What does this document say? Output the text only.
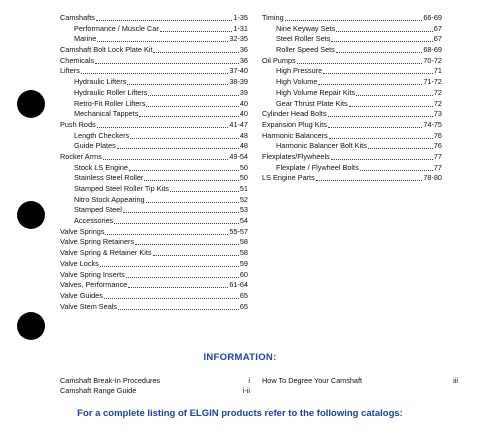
Camshafts	1-35
Performance / Muscle Car	1-31
Marine	32-35
Camshaft Bolt Lock Plate Kit	36
Chemicals	36
Lifters	37-40
Hydraulic Lifters	38-39
Hydraulic Roller Lifters	39
Retro-Fit Roller Lifters	40
Mechanical Tappets	40
Push Rods	41-47
Length Checkers	48
Guide Plates	48
Rocker Arms	49-54
Stock LS Engine	50
Stainless Steel Roller	50
Stamped Steel Roller Tip Kits	51
Nitro Stock Appearing	52
Stamped Steel	53
Accessories	54
Valve Springs	55-57
Valve Spring Retainers	58
Valve Spring & Retainer Kits	58
Valve Locks	59
Valve Spring Inserts	60
Valves, Performance	61-64
Valve Guides	65
Valve Stem Seals	65
Timing	66-69
Nine Keyway Sets	67
Steel Roller Sets	67
Roller Speed Sets	68-69
Oil Pumps	70-72
High Pressure	71
High Volume	71-72
High Volume Repair Kits	72
Gear Thrust Plate Kits	72
Cylinder Head Bolts	73
Expansion Plug Kits	74-75
Harmonic Balancers	76
Harmonic Balancer Bolt Kits	76
Flexplates/Flywheels	77
Flexplate / Flywheel Bolts	77
LS Engine Parts	78-80
INFORMATION:
Camshaft Break-In Procedures	i
Camshaft Range Guide	i-ii
How To Degree Your Camshaft	iii
For a complete listing of ELGIN products refer to the following catalogs:
